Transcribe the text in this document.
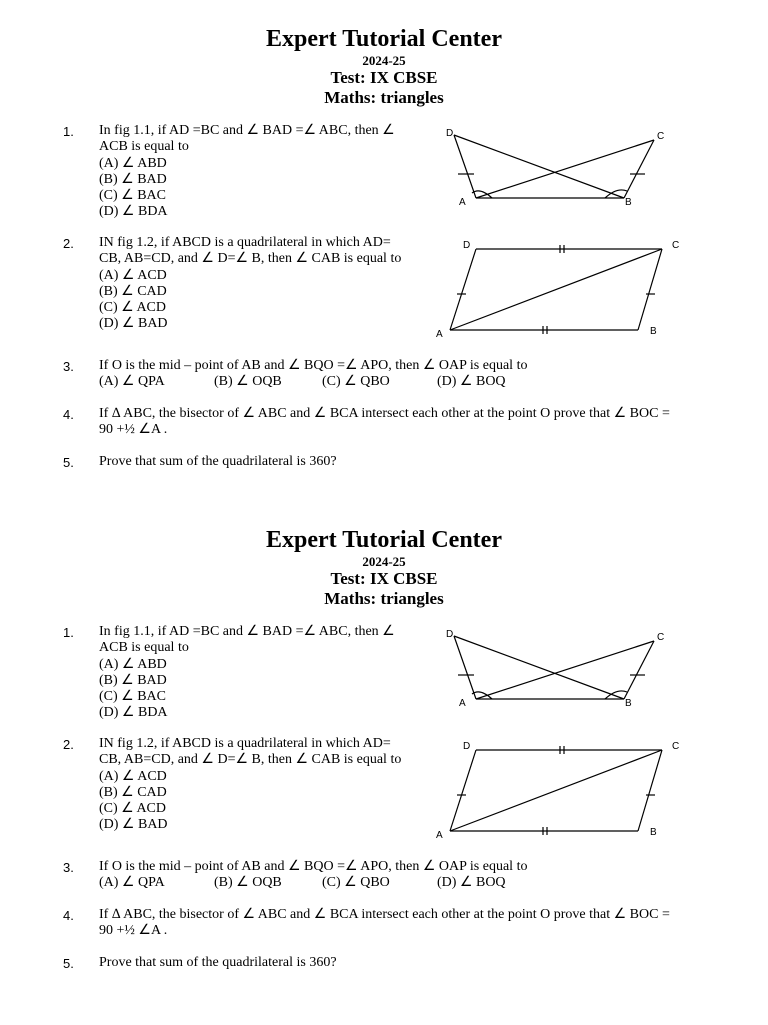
Expert Tutorial Center
2024-25
Test: IX CBSE
Maths: triangles
1. In fig 1.1, if AD =BC and ∠ BAD =∠ ABC, then ∠ ACB is equal to
(A) ∠ ABD
(B) ∠ BAD
(C) ∠ BAC
(D) ∠ BDA
D	C
A	B
2. IN fig 1.2, if ABCD is a quadrilateral in which AD= CB, AB=CD, and ∠ D=∠ B, then ∠ CAB is equal to
(A) ∠ ACD
(B) ∠ CAD
(C) ∠ ACD
(D) ∠ BAD
D	C
A	B
3. If O is the mid – point of AB and ∠ BQO =∠ APO, then ∠ OAP is equal to
(A) ∠ QPA	(B) ∠ OQB	(C) ∠ QBO	(D) ∠ BOQ
4. If ∆ ABC, the bisector of ∠ ABC and ∠ BCA intersect each other at the point O prove that ∠ BOC = 90 +½ ∠A .
5. Prove that sum of the quadrilateral is 360?
Expert Tutorial Center
2024-25
Test: IX CBSE
Maths: triangles
1. In fig 1.1, if AD =BC and ∠ BAD =∠ ABC, then ∠ ACB is equal to
(A) ∠ ABD
(B) ∠ BAD
(C) ∠ BAC
(D) ∠ BDA
D	C
A	B
2. IN fig 1.2, if ABCD is a quadrilateral in which AD= CB, AB=CD, and ∠ D=∠ B, then ∠ CAB is equal to
(A) ∠ ACD
(B) ∠ CAD
(C) ∠ ACD
(D) ∠ BAD
D	C
A	B
3. If O is the mid – point of AB and ∠ BQO =∠ APO, then ∠ OAP is equal to
(A) ∠ QPA	(B) ∠ OQB	(C) ∠ QBO	(D) ∠ BOQ
4. If ∆ ABC, the bisector of ∠ ABC and ∠ BCA intersect each other at the point O prove that ∠ BOC = 90 +½ ∠A .
5. Prove that sum of the quadrilateral is 360?
